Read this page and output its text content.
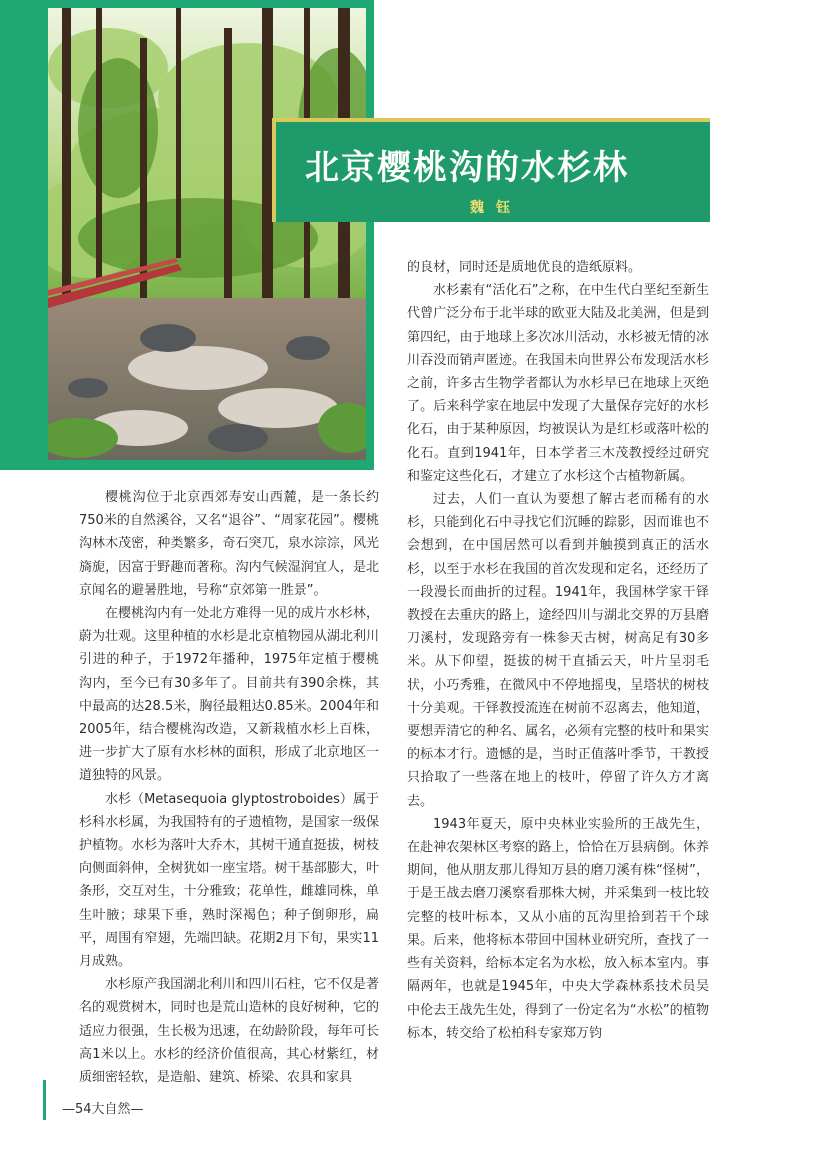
北京樱桃沟的水杉林
魏钰

樱桃沟位于北京西郊寿安山西麓，是一条长约750米的自然溪谷，又名“退谷”、“周家花园”。樱桃沟林木茂密，种类繁多，奇石突兀，泉水淙淙，风光旖旎，因富于野趣而著称。沟内气候湿润宜人，是北京闻名的避暑胜地，号称“京郊第一胜景”。

在樱桃沟内有一处北方难得一见的成片水杉林，蔚为壮观。这里种植的水杉是北京植物园从湖北利川引进的种子，于1972年播种，1975年定植于樱桃沟内，至今已有30多年了。目前共有390余株，其中最高的达28.5米，胸径最粗达0.85米。2004年和2005年，结合樱桃沟改造，又新栽植水杉上百株，进一步扩大了原有水杉林的面积，形成了北京地区一道独特的风景。

水杉（Metasequoia glyptostroboides）属于杉科水杉属，为我国特有的孑遗植物，是国家一级保护植物。水杉为落叶大乔木，其树干通直挺拔，树枝向侧面斜伸，全树犹如一座宝塔。树干基部膨大，叶条形，交互对生，十分雅致；花单性，雌雄同株，单生叶腋；球果下垂，熟时深褐色；种子倒卵形，扁平，周围有窄翅，先端凹缺。花期2月下旬，果实11月成熟。

水杉原产我国湖北利川和四川石柱，它不仅是著名的观赏树木，同时也是荒山造林的良好树种，它的适应力很强，生长极为迅速，在幼龄阶段，每年可长高1米以上。水杉的经济价值很高，其心材紫红，材质细密轻软，是造船、建筑、桥梁、农具和家具

的良材，同时还是质地优良的造纸原料。

水杉素有“活化石”之称，在中生代白垩纪至新生代曾广泛分布于北半球的欧亚大陆及北美洲，但是到第四纪，由于地球上多次冰川活动，水杉被无情的冰川吞没而销声匿迹。在我国未向世界公布发现活水杉之前，许多古生物学者都认为水杉早已在地球上灭绝了。后来科学家在地层中发现了大量保存完好的水杉化石，由于某种原因，均被误认为是红杉或落叶松的化石。直到1941年，日本学者三木茂教授经过研究和鉴定这些化石，才建立了水杉这个古植物新属。

过去，人们一直认为要想了解古老而稀有的水杉，只能到化石中寻找它们沉睡的踪影，因而谁也不会想到，在中国居然可以看到并触摸到真正的活水杉，以至于水杉在我国的首次发现和定名，还经历了一段漫长而曲折的过程。1941年，我国林学家干铎教授在去重庆的路上，途经四川与湖北交界的万县磨刀溪村，发现路旁有一株参天古树，树高足有30多米。从下仰望，挺拔的树干直插云天，叶片呈羽毛状，小巧秀雅，在微风中不停地摇曳，呈塔状的树枝十分美观。干铎教授流连在树前不忍离去，他知道，要想弄清它的种名、属名，必须有完整的枝叶和果实的标本才行。遗憾的是，当时正值落叶季节，干教授只拾取了一些落在地上的枝叶，停留了许久方才离去。

1943年夏天，原中央林业实验所的王战先生，在赴神农架林区考察的路上，恰恰在万县病倒。休养期间，他从朋友那儿得知万县的磨刀溪有株“怪树”，于是王战去磨刀溪察看那株大树，并采集到一枝比较完整的枝叶标本，又从小庙的瓦沟里拾到若干个球果。后来，他将标本带回中国林业研究所，查找了一些有关资料，给标本定名为水松，放入标本室内。事隔两年，也就是1945年，中央大学森林系技术员吴中伦去王战先生处，得到了一份定名为“水松”的植物标本，转交给了松柏科专家郑万钧

—54大自然—
